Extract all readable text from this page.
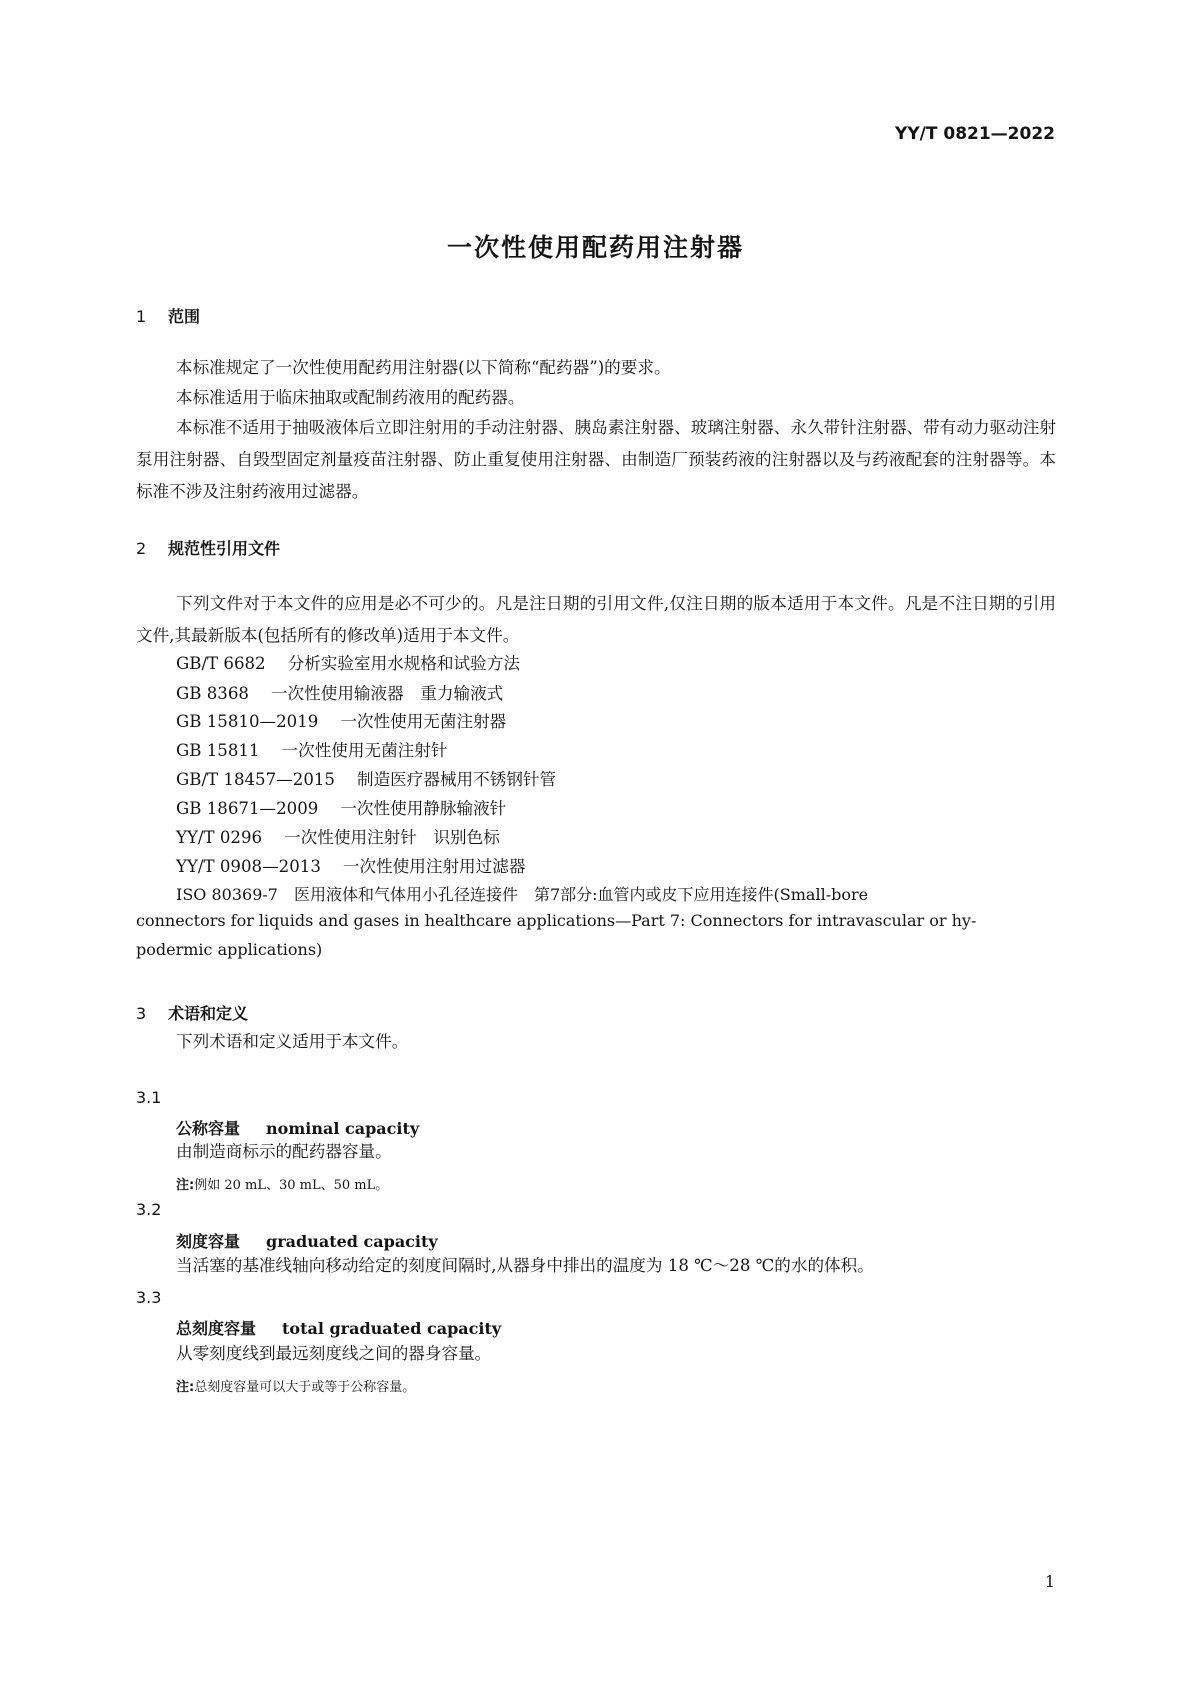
YY/T 0821—2022
一次性使用配药用注射器
1 范围
本标准规定了一次性使用配药用注射器(以下简称“配药器”)的要求。
本标准适用于临床抽取或配制药液用的配药器。
本标准不适用于抽吸液体后立即注射用的手动注射器、胰岛素注射器、玻璃注射器、永久带针注射器、带有动力驱动注射泵用注射器、自毁型固定剂量疫苗注射器、防止重复使用注射器、由制造厂预装药液的注射器以及与药液配套的注射器等。本标准不涉及注射药液用过滤器。
2 规范性引用文件
下列文件对于本文件的应用是必不可少的。凡是注日期的引用文件,仅注日期的版本适用于本文件。凡是不注日期的引用文件,其最新版本(包括所有的修改单)适用于本文件。
GB/T 6682 分析实验室用水规格和试验方法
GB 8368 一次性使用输液器　重力输液式
GB 15810—2019 一次性使用无菌注射器
GB 15811 一次性使用无菌注射针
GB/T 18457—2015 制造医疗器械用不锈钢针管
GB 18671—2009 一次性使用静脉输液针
YY/T 0296 一次性使用注射针　识别色标
YY/T 0908—2013 一次性使用注射用过滤器
ISO 80369-7　医用液体和气体用小孔径连接件　第7部分:血管内或皮下应用连接件(Small-bore
connectors for liquids and gases in healthcare applications—Part 7: Connectors for intravascular or hy-
podermic applications)
3 术语和定义
下列术语和定义适用于本文件。
3.1
公称容量 nominal capacity
由制造商标示的配药器容量。
注:例如 20 mL、30 mL、50 mL。
3.2
刻度容量 graduated capacity
当活塞的基准线轴向移动给定的刻度间隔时,从器身中排出的温度为 18 ℃～28 ℃的水的体积。
3.3
总刻度容量 total graduated capacity
从零刻度线到最远刻度线之间的器身容量。
注:总刻度容量可以大于或等于公称容量。
1
